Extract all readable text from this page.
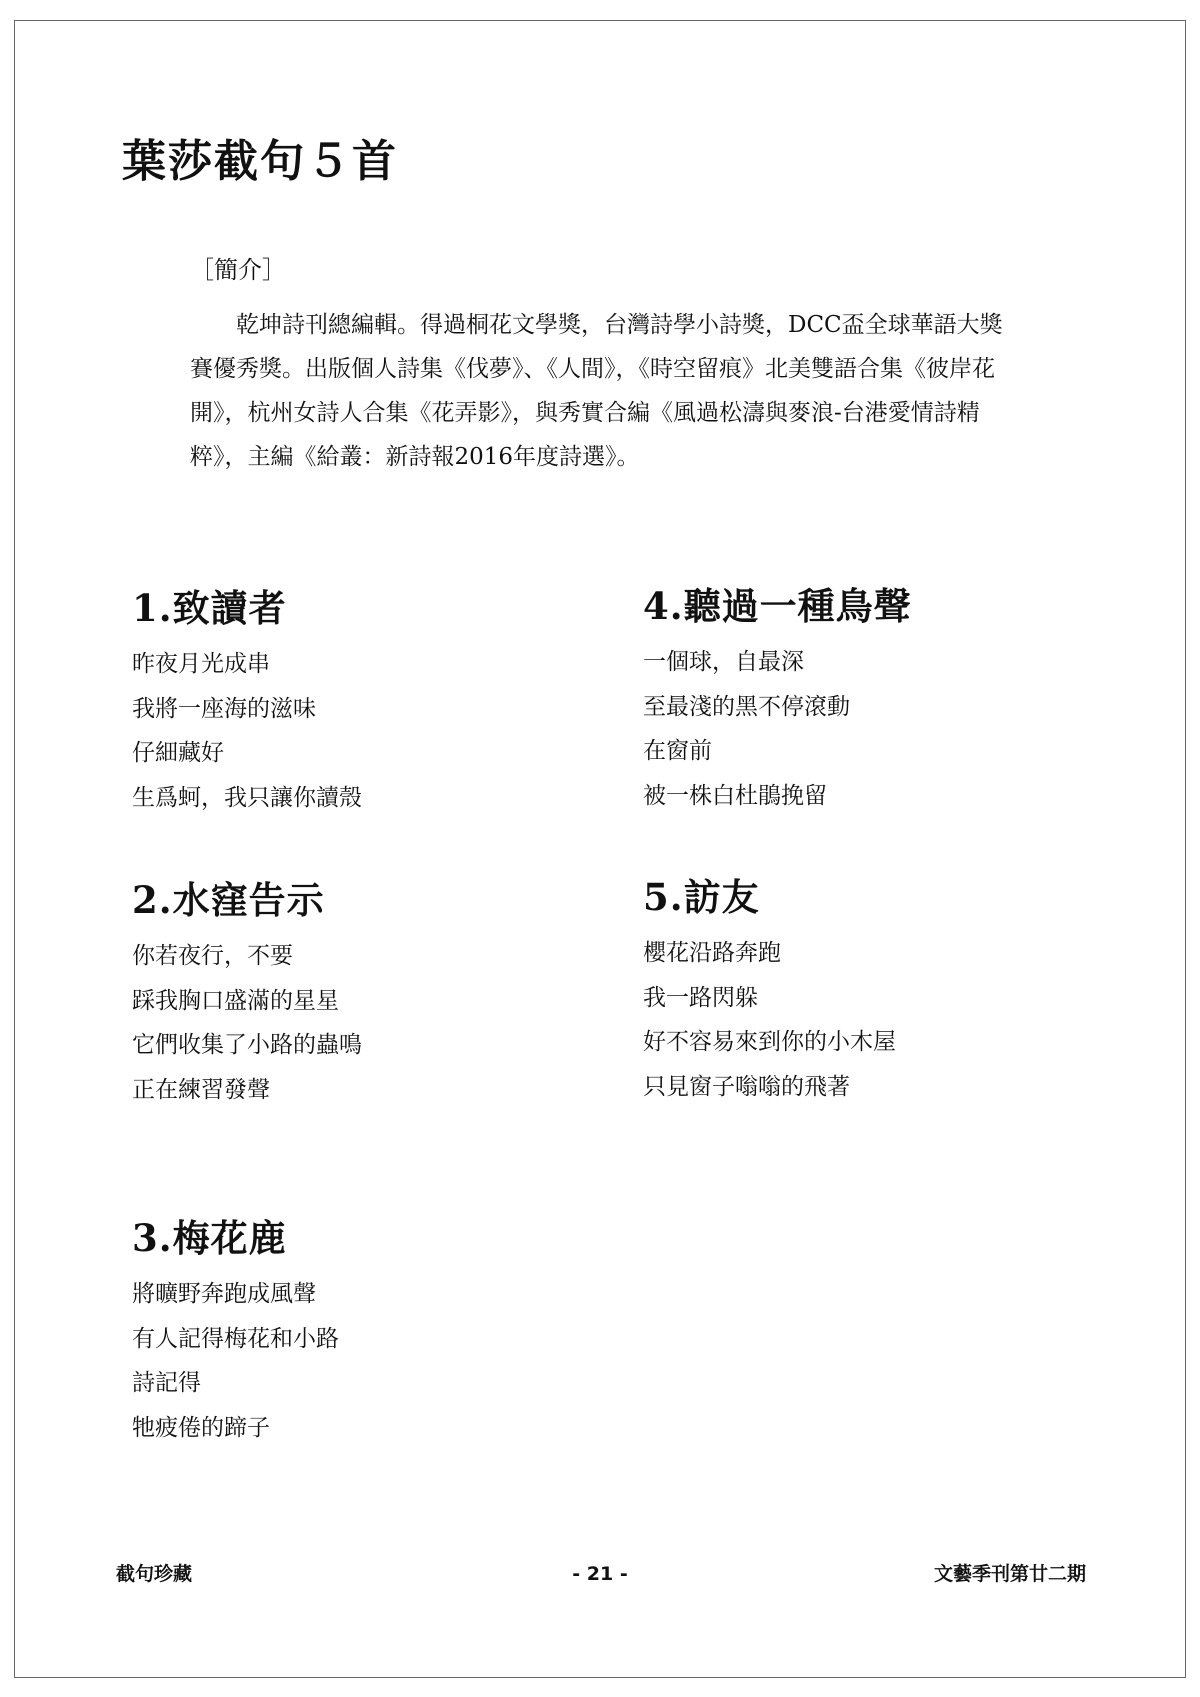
葉莎截句５首
［簡介］

乾坤詩刊總編輯。得過桐花文學獎，台灣詩學小詩獎，DCC盃全球華語大獎賽優秀獎。出版個人詩集《伐夢》、《人間》，《時空留痕》北美雙語合集《彼岸花開》，杭州女詩人合集《花弄影》，與秀實合編《風過松濤與麥浪-台港愛情詩精粹》，主編《給叢：新詩報2016年度詩選》。

1.致讀者
昨夜月光成串
我將一座海的滋味
仔細藏好
生爲蚵，我只讓你讀殼
2.水窪告示
你若夜行，不要
踩我胸口盛滿的星星
它們收集了小路的蟲鳴
正在練習發聲
3.梅花鹿
將曠野奔跑成風聲
有人記得梅花和小路
詩記得
牠疲倦的蹄子
4.聽過一種鳥聲
一個球，自最深
至最淺的黑不停滾動
在窗前
被一株白杜鵑挽留
5.訪友
櫻花沿路奔跑
我一路閃躲
好不容易來到你的小木屋
只見窗子嗡嗡的飛著
截句珍藏	- 21 -	文藝季刊第廿二期
